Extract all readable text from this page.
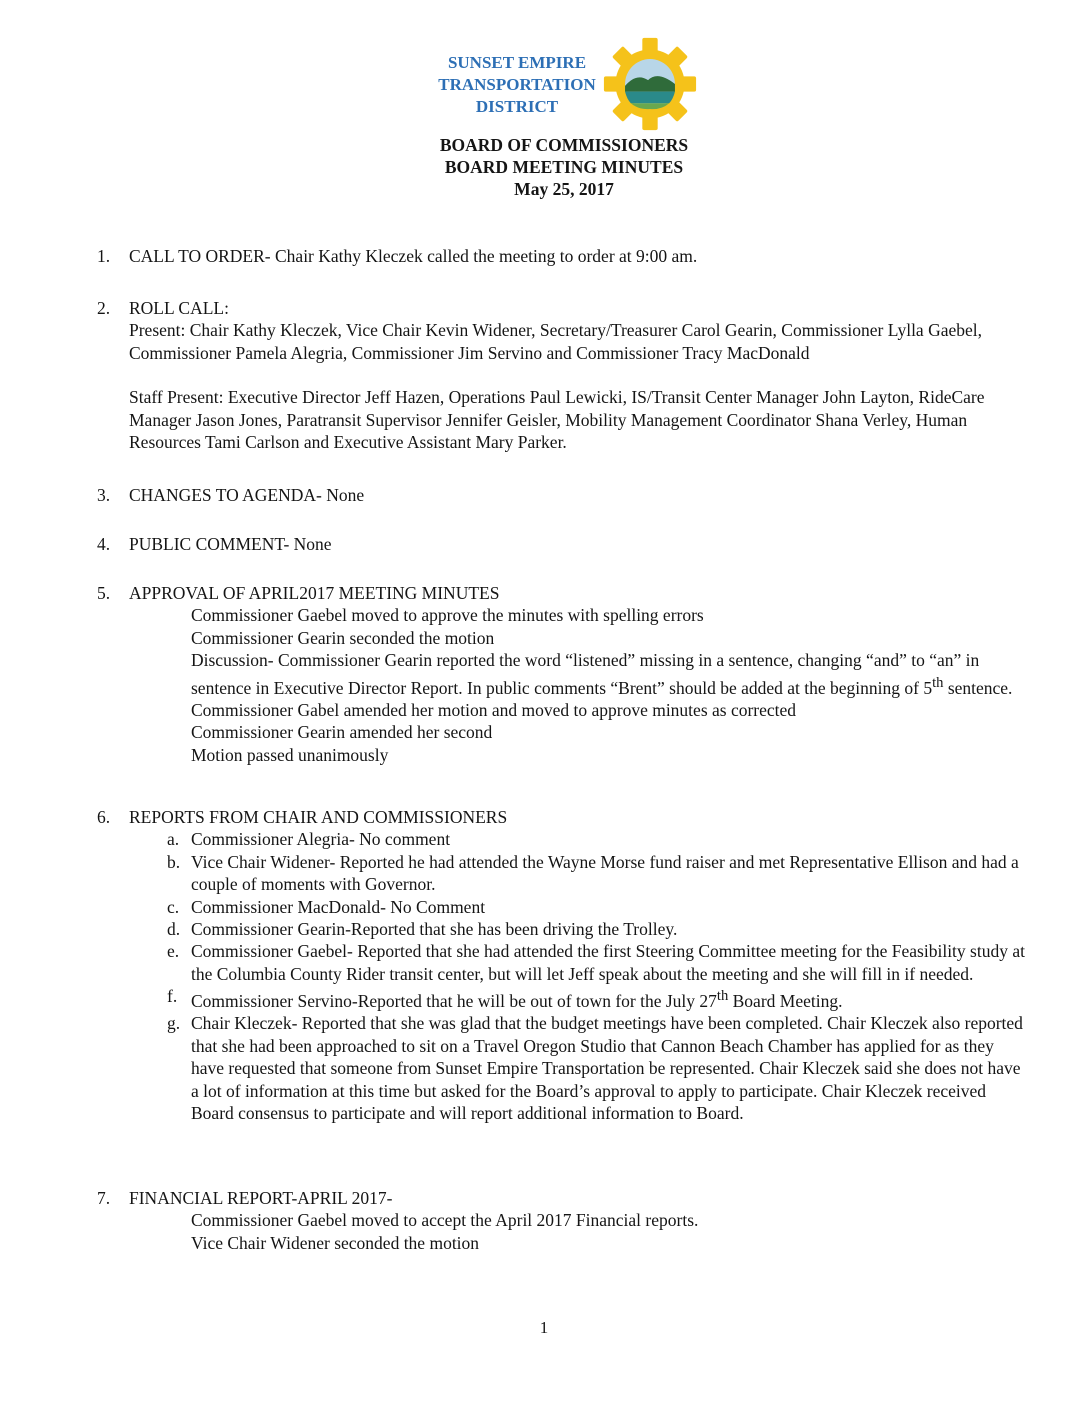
SUNSET EMPIRE
TRANSPORTATION
DISTRICT
BOARD OF COMMISSIONERS
BOARD MEETING MINUTES
May 25, 2017
1. CALL TO ORDER- Chair Kathy Kleczek called the meeting to order at 9:00 am.
2. ROLL CALL:
Present: Chair Kathy Kleczek, Vice Chair Kevin Widener, Secretary/Treasurer Carol Gearin, Commissioner Lylla Gaebel, Commissioner Pamela Alegria, Commissioner Jim Servino and Commissioner Tracy MacDonald
Staff Present: Executive Director Jeff Hazen, Operations Paul Lewicki, IS/Transit Center Manager John Layton, RideCare Manager Jason Jones, Paratransit Supervisor Jennifer Geisler, Mobility Management Coordinator Shana Verley, Human Resources Tami Carlson and Executive Assistant Mary Parker.
3. CHANGES TO AGENDA- None
4. PUBLIC COMMENT- None
5. APPROVAL OF APRIL2017 MEETING MINUTES
Commissioner Gaebel moved to approve the minutes with spelling errors
Commissioner Gearin seconded the motion
Discussion- Commissioner Gearin reported the word “listened” missing in a sentence, changing “and” to “an” in sentence in Executive Director Report. In public comments “Brent” should be added at the beginning of 5th sentence.
Commissioner Gabel amended her motion and moved to approve minutes as corrected
Commissioner Gearin amended her second
Motion passed unanimously
6. REPORTS FROM CHAIR AND COMMISSIONERS
a. Commissioner Alegria- No comment
b. Vice Chair Widener- Reported he had attended the Wayne Morse fund raiser and met Representative Ellison and had a couple of moments with Governor.
c. Commissioner MacDonald- No Comment
d. Commissioner Gearin-Reported that she has been driving the Trolley.
e. Commissioner Gaebel- Reported that she had attended the first Steering Committee meeting for the Feasibility study at the Columbia County Rider transit center, but will let Jeff speak about the meeting and she will fill in if needed.
f. Commissioner Servino-Reported that he will be out of town for the July 27th Board Meeting.
g. Chair Kleczek- Reported that she was glad that the budget meetings have been completed. Chair Kleczek also reported that she had been approached to sit on a Travel Oregon Studio that Cannon Beach Chamber has applied for as they have requested that someone from Sunset Empire Transportation be represented. Chair Kleczek said she does not have a lot of information at this time but asked for the Board’s approval to apply to participate. Chair Kleczek received Board consensus to participate and will report additional information to Board.
7. FINANCIAL REPORT-APRIL 2017-
Commissioner Gaebel moved to accept the April 2017 Financial reports.
Vice Chair Widener seconded the motion
1
